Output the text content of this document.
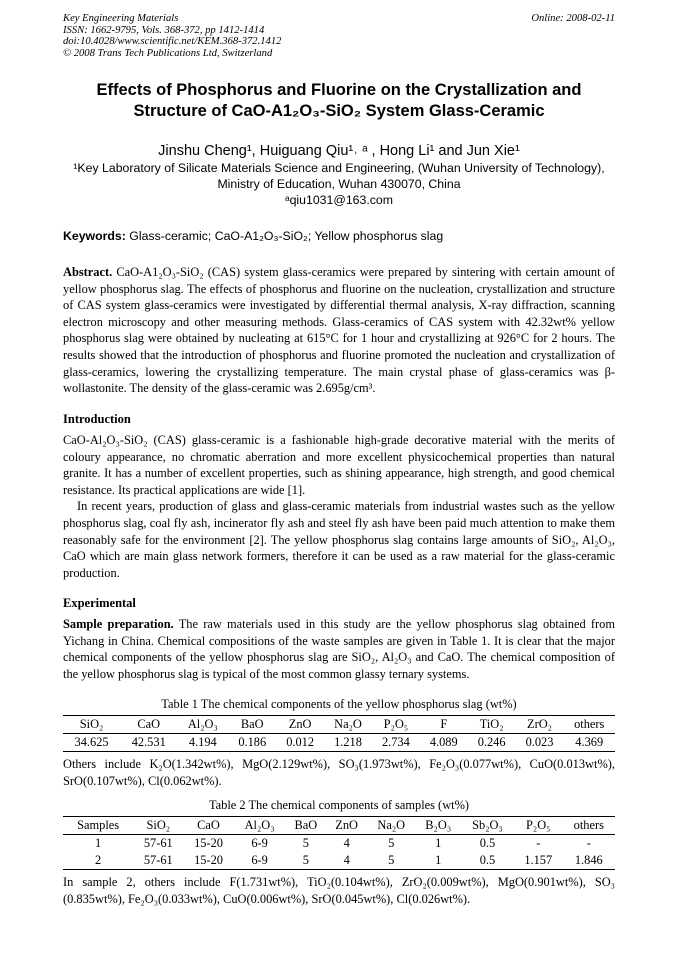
Key Engineering Materials
ISSN: 1662-9795, Vols. 368-372, pp 1412-1414
doi:10.4028/www.scientific.net/KEM.368-372.1412
© 2008 Trans Tech Publications Ltd, Switzerland
Online: 2008-02-11
Effects of Phosphorus and Fluorine on the Crystallization and
Structure of CaO-A1₂O₃-SiO₂ System Glass-Ceramic
Jinshu Cheng¹, Huiguang Qiu¹˒ ᵃ , Hong Li¹ and Jun Xie¹
¹Key Laboratory of Silicate Materials Science and Engineering, (Wuhan University of Technology),
Ministry of Education, Wuhan 430070, China
ᵃqiu1031@163.com
Keywords: Glass-ceramic; CaO-A1₂O₃-SiO₂; Yellow phosphorus slag

Abstract. CaO-A1₂O₃-SiO₂ (CAS) system glass-ceramics were prepared by sintering with certain amount of yellow phosphorus slag. The effects of phosphorus and fluorine on the nucleation, crystallization and structure of CAS system glass-ceramics were investigated by differential thermal analysis, X-ray diffraction, scanning electron microscopy and other measuring methods. Glass-ceramics of CAS system with 42.32wt% yellow phosphorus slag were obtained by nucleating at 615°C for 1 hour and crystallizing at 926°C for 2 hours. The results showed that the introduction of phosphorus and fluorine promoted the nucleation and crystallization of glass-ceramics, lowering the crystallizing temperature. The main crystal phase of glass-ceramics was β-wollastonite. The density of the glass-ceramic was 2.695g/cm³.

Introduction

CaO-Al₂O₃-SiO₂ (CAS) glass-ceramic is a fashionable high-grade decorative material with the merits of coloury appearance, no chromatic aberration and more excellent physicochemical properties than natural granite. It has a number of excellent properties, such as shining appearance, high strength, and good chemical resistance. Its practical applications are wide [1].

In recent years, production of glass and glass-ceramic materials from industrial wastes such as the yellow phosphorus slag, coal fly ash, incinerator fly ash and steel fly ash have been paid much attention to make them reasonably safe for the environment [2]. The yellow phosphorus slag contains large amounts of SiO₂, Al₂O₃, CaO which are main glass network formers, therefore it can be used as a raw material for the glass-ceramic production.

Experimental

Sample preparation. The raw materials used in this study are the yellow phosphorus slag obtained from Yichang in China. Chemical compositions of the waste samples are given in Table 1. It is clear that the major chemical components of the yellow phosphorus slag are SiO₂, Al₂O₃ and CaO. The chemical composition of the yellow phosphorus slag is typical of the most common glassy ternary systems.

Table 1 The chemical components of the yellow phosphorus slag (wt%)
SiO₂	CaO	Al₂O₃	BaO	ZnO	Na₂O	P₂O₅	F	TiO₂	ZrO₂	others
34.625	42.531	4.194	0.186	0.012	1.218	2.734	4.089	0.246	0.023	4.369

Others include K₂O(1.342wt%), MgO(2.129wt%), SO₃(1.973wt%), Fe₂O₃(0.077wt%), CuO(0.013wt%), SrO(0.107wt%), Cl(0.062wt%).

Table 2 The chemical components of samples (wt%)
Samples	SiO₂	CaO	Al₂O₃	BaO	ZnO	Na₂O	B₂O₃	Sb₂O₃	P₂O₅	others
1	57-61	15-20	6-9	5	4	5	1	0.5	-	-
2	57-61	15-20	6-9	5	4	5	1	0.5	1.157	1.846

In sample 2, others include F(1.731wt%), TiO₂(0.104wt%), ZrO₂(0.009wt%), MgO(0.901wt%), SO₃ (0.835wt%), Fe₂O₃(0.033wt%), CuO(0.006wt%), SrO(0.045wt%), Cl(0.026wt%).
